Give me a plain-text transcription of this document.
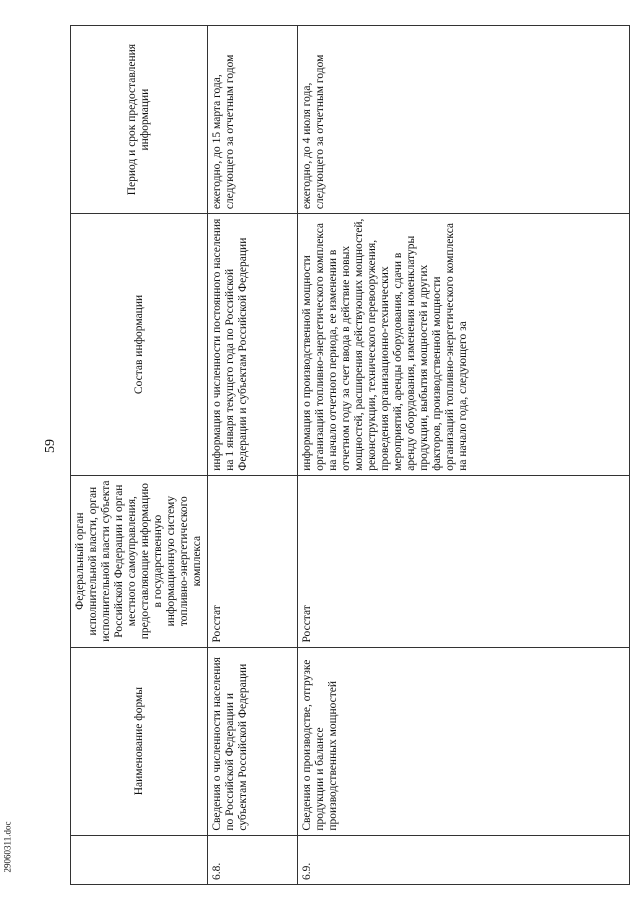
59
29060311.doc
	Наименование формы	Федеральный орган исполнительной власти, орган исполнительной власти субъекта Российской Федерации и орган местного самоуправления, предоставляющие информацию в государственную информационную систему топливно-энергетического комплекса	Состав информации	Период и срок предоставления информации
6.8.	Сведения о численности населения по Российской Федерации и субъектам Российской Федерации	Росстат	информация о численности постоянного населения на 1 января текущего года по Российской Федерации и субъектам Российской Федерации	ежегодно, до 15 марта года, следующего за отчетным годом
6.9.	Сведения о производстве, отгрузке продукции и балансе производственных мощностей	Росстат	информация о производственной мощности организаций топливно-энергетического комплекса на начало отчетного периода, ее изменении в отчетном году за счет ввода в действие новых мощностей, расширения действующих мощностей, реконструкции, технического перевооружения, проведения организационно-технических мероприятий, аренды оборудования, сдачи в аренду оборудования, изменения номенклатуры продукции, выбытия мощностей и других факторов, производственной мощности организаций топливно-энергетического комплекса на начало года, следующего за	ежегодно, до 4 июля года, следующего за отчетным годом
